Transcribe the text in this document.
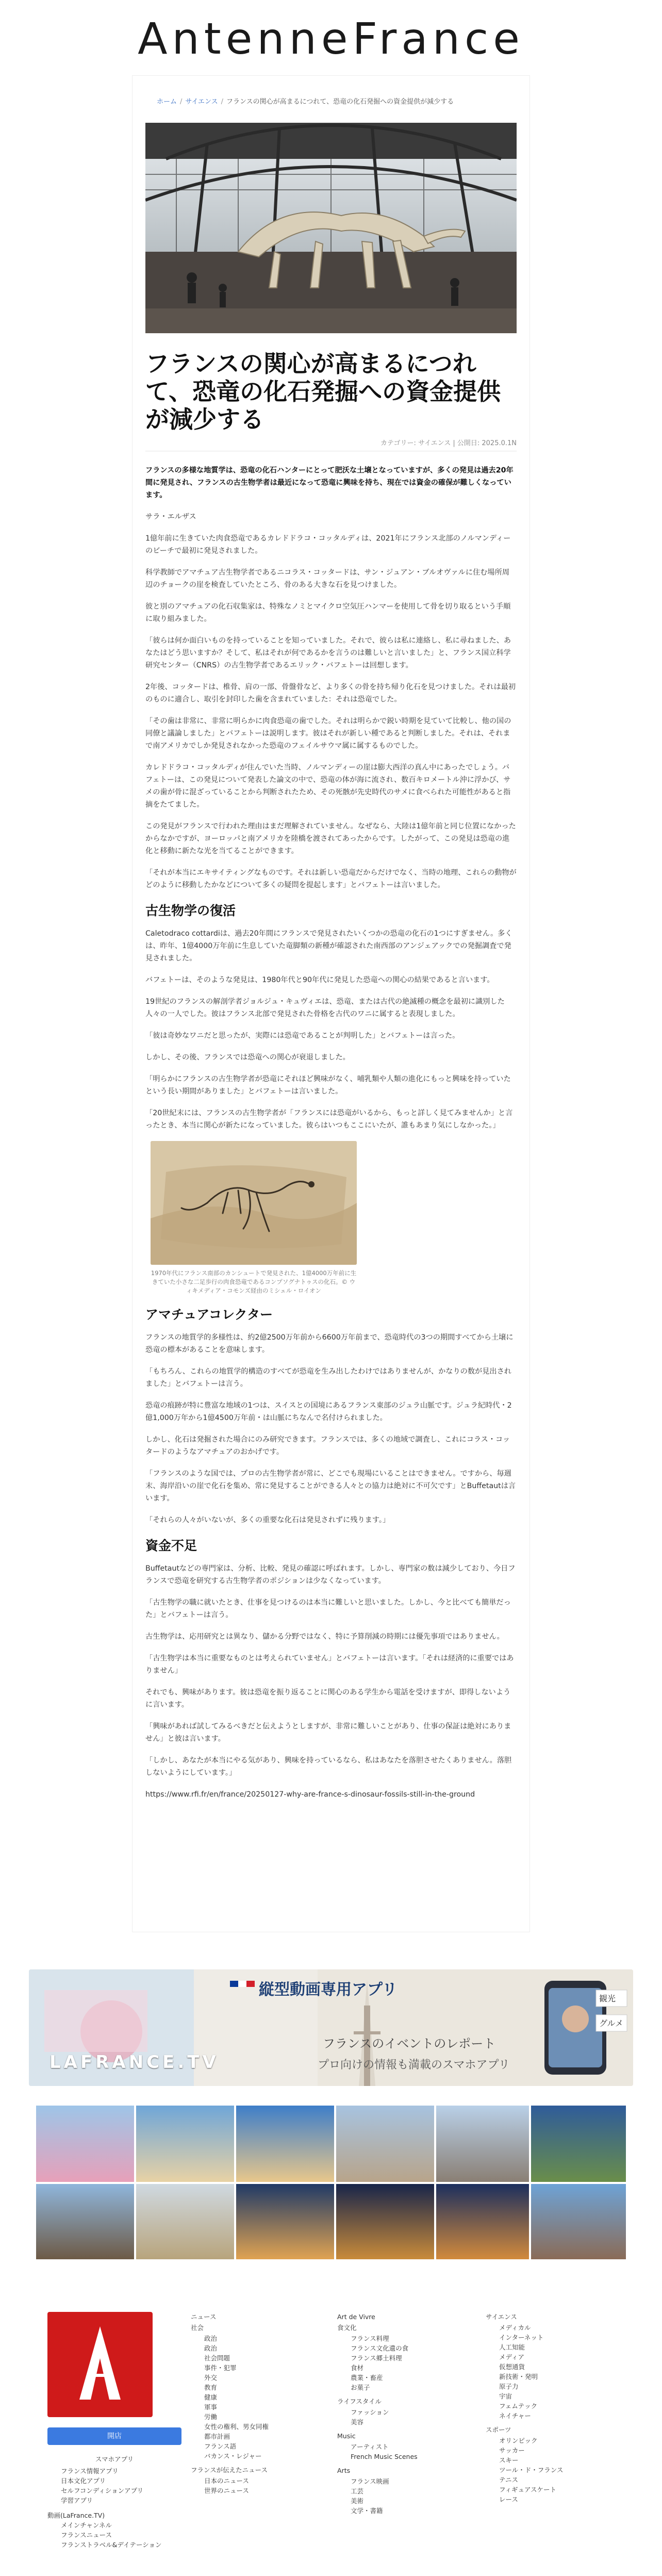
AntenneFrance
ホーム / サイエンス / フランスの関心が高まるにつれて、恐竜の化石発掘への資金提供が減少する
フランスの関心が高まるにつれて、恐竜の化石発掘への資金提供が減少する
カテゴリー: サイエンス | 公開日: 2025.0.1N

フランスの多様な地質学は、恐竜の化石ハンターにとって肥沃な土壌となっていますが、多くの発見は過去20年間に発見され、フランスの古生物学者は最近になって恐竜に興味を持ち、現在では資金の確保が難しくなっています。

サラ・エルザス

1億年前に生きていた肉食恐竜であるカレドドラコ・コッタルディは、2021年にフランス北部のノルマンディーのビーチで最初に発見されました。

科学教師でアマチュア古生物学者であるニコラス・コッタードは、サン・ジュアン・ブルオヴァルに住む場所周辺のチョークの崖を検査していたところ、骨のある大きな石を見つけました。

彼と別のアマチュアの化石収集家は、特殊なノミとマイクロ空気圧ハンマーを使用して骨を切り取るという手順に取り組みました。

「彼らは何か面白いものを持っていることを知っていました。それで、彼らは私に連絡し、私に尋ねました、あなたはどう思いますか？そして、私はそれが何であるかを言うのは難しいと言いました」と、フランス国立科学研究センター（CNRS）の古生物学者であるエリック・バフェトーは回想します。

2年後、コッタードは、椎骨、肩の一部、骨盤骨など、より多くの骨を持ち帰り化石を見つけました。それは最初のものに適合し、取引を封印した歯を含まれていました：それは恐竜でした。

「その歯は非常に、非常に明らかに肉食恐竜の歯でした。それは明らかで鋭い時期を見ていて比較し、他の国の同僚と議論しました」とバフェトーは説明します。彼はそれが新しい種であると判断しました。それは、それまで南アメリカでしか発見されなかった恐竜のフェイルサウマ属に属するものでした。

カレドドラコ・コッタルディが住んでいた当時、ノルマンディーの崖は膨大西洋の真ん中にあったでしょう。バフェトーは、この発見について発表した論文の中で、恐竜の体が海に流され、数百キロメートル沖に浮かび、サメの歯が骨に混ざっていることから判断されたため、その死骸が先史時代のサメに食べられた可能性があると指摘をたてました。

この発見がフランスで行われた理由はまだ理解されていません。なぜなら、大陸は1億年前と同じ位置になかったからなかですが、ヨーロッパと南アメリカを陸橋を渡されてあったからです。したがって、この発見は恐竜の進化と移動に新たな光を当てることができます。

「それが本当にエキサイティングなものです。それは新しい恐竜だからだけでなく、当時の地理、これらの動物がどのように移動したかなどについて多くの疑問を提起します」とバフェトーは言いました。

古生物学の復活

Caletodraco cottardiは、過去20年間にフランスで発見されたいくつかの恐竜の化石の1つにすぎません。多くは、昨年、1億4000万年前に生息していた竜脚類の新種が確認された南西部のアンジェアックでの発掘調査で発見されました。

バフェトーは、そのような発見は、1980年代と90年代に発見した恐竜への関心の結果であると言います。

19世紀のフランスの解剖学者ジョルジュ・キュヴィエは、恐竜、または古代の絶滅種の概念を最初に識別した人々の一人でした。彼はフランス北部で発見された骨格を古代のワニに属すると表現しました。

「彼は奇妙なワニだと思ったが、実際には恐竜であることが判明した」とバフェトーは言った。

しかし、その後、フランスでは恐竜への関心が衰退しました。

「明らかにフランスの古生物学者が恐竜にそれほど興味がなく、哺乳類や人類の進化にもっと興味を持っていたという長い期間がありました」とバフェトーは言いました。

「20世紀末には、フランスの古生物学者が「フランスには恐竜がいるから、もっと詳しく見てみませんか」と言ったとき、本当に関心が新たになっていました。彼らはいつもここにいたが、誰もあまり気にしなかった。」

1970年代にフランス南部のカンシュートで発見された、1億4000万年前に生きていた小さな二足歩行の肉食恐竜であるコンプソグナトゥスの化石。© ウィキメディア・コモンズ経由のミシェル・ロイオン
アマチュアコレクター

フランスの地質学的多様性は、約2億2500万年前から6600万年前まで、恐竜時代の3つの期間すべてから土壌に恐竜の標本があることを意味します。

「もちろん、これらの地質学的構造のすべてが恐竜を生み出したわけではありませんが、かなりの数が見出されました」とバフェトーは言う。

恐竜の痕跡が特に豊富な地域の1つは、スイスとの国境にあるフランス東部のジュラ山脈です。ジュラ紀時代・2億1,000万年から1億4500万年前・は山脈にちなんで名付けられました。

しかし、化石は発掘された場合にのみ研究できます。フランスでは、多くの地域で調査し、これにコラス・コッタードのようなアマチュアのおかげです。

「フランスのような国では、プロの古生物学者が常に、どこでも現場にいることはできません。ですから、毎週末、海岸沿いの崖で化石を集め、常に発見することができる人々との協力は絶対に不可欠です」とBuffetautは言います。

「それらの人々がいないが、多くの重要な化石は発見されずに残ります。」

資金不足

Buffetautなどの専門家は、分析、比較、発見の確認に呼ばれます。しかし、専門家の数は減少しており、今日フランスで恐竜を研究する古生物学者のポジションは少なくなっています。

「古生物学の職に就いたとき、仕事を見つけるのは本当に難しいと思いました。しかし、今と比べても簡単だった」とバフェトーは言う。

古生物学は、応用研究とは異なり、儲かる分野ではなく、特に予算削減の時期には優先事項ではありません。

「古生物学は本当に重要なものとは考えられていません」とバフェトーは言います。「それは経済的に重要ではありません」

それでも、興味があります。彼は恐竜を振り返ることに関心のある学生から電話を受けますが、即得しないように言います。

「興味があれば試してみるべきだと伝えようとしますが、非常に難しいことがあり、仕事の保証は絶対にありません」と彼は言います。

「しかし、あなたが本当にやる気があり、興味を持っているなら、私はあなたを落胆させたくありません。落胆しないようにしています。」

https://www.rfi.fr/en/france/20250127-why-are-france-s-dinosaur-fossils-still-in-the-ground

縦型動画専用アプリ
LAFRANCE.TV
フランスのイベントのレポート
プロ向けの情報も満載のスマホアプリ
観光
グルメ
開店
スマホアプリ
フランス情報アプリ
日本文化アプリ
セルフコンディションアプリ
学習アプリ
動画(LaFrance.TV)
メインチャンネル
フランスニュース
フランストラベル&デイテーション
ニュース
社会
政治
政治
社会問題
事件・犯罪
外交
教育
健康
軍事
労働
女性の権利、男女同権
都市計画
フランス語
バカンス・レジャー
フランスが伝えたニュース
日本のニュース
世界のニュース
Art de Vivre
食文化
フランス料理
フランス文化遺の食
フランス郷土料理
食材
農業・畜産
お菓子
ライフスタイル
ファッション
美容
Music
アーティスト
French Music Scenes
Arts
フランス映画
工芸
美術
文学・書籍
サイエンス
メディカル
インターネット
人工知能
メディア
仮想通貨
新技術・発明
原子力
宇宙
フェムテック
ネイチャー
スポーツ
オリンピック
サッカー
スキー
ツール・ド・フランス
テニス
フィギュアスケート
レース
